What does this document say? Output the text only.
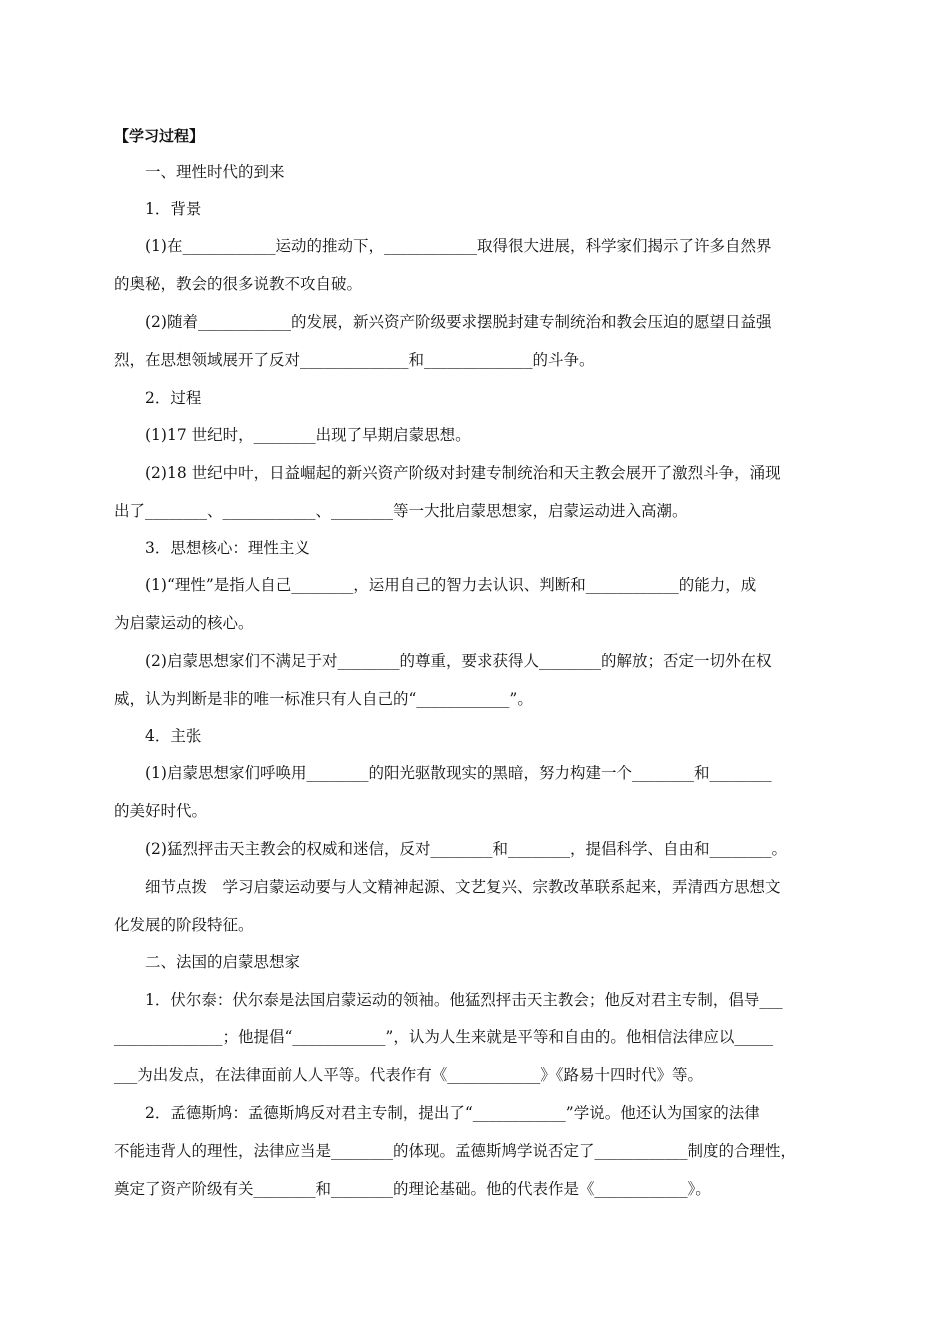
【学习过程】
一、理性时代的到来
1．背景
(1)在____________运动的推动下，____________取得很大进展，科学家们揭示了许多自然界
的奥秘，教会的很多说教不攻自破。
(2)随着____________的发展，新兴资产阶级要求摆脱封建专制统治和教会压迫的愿望日益强
烈，在思想领域展开了反对______________和______________的斗争。
2．过程
(1)17 世纪时，________出现了早期启蒙思想。
(2)18 世纪中叶，日益崛起的新兴资产阶级对封建专制统治和天主教会展开了激烈斗争，涌现
出了________、____________、________等一大批启蒙思想家，启蒙运动进入高潮。
3．思想核心：理性主义
(1)“理性”是指人自己________，运用自己的智力去认识、判断和____________的能力，成
为启蒙运动的核心。
(2)启蒙思想家们不满足于对________的尊重，要求获得人________的解放；否定一切外在权
威，认为判断是非的唯一标准只有人自己的“____________”。
4．主张
(1)启蒙思想家们呼唤用________的阳光驱散现实的黑暗，努力构建一个________和________
的美好时代。
(2)猛烈抨击天主教会的权威和迷信，反对________和________，提倡科学、自由和________。
细节点拨　学习启蒙运动要与人文精神起源、文艺复兴、宗教改革联系起来，弄清西方思想文
化发展的阶段特征。
二、法国的启蒙思想家
1．伏尔泰：伏尔泰是法国启蒙运动的领袖。他猛烈抨击天主教会；他反对君主专制，倡导___
______________；他提倡“____________”，认为人生来就是平等和自由的。他相信法律应以_____
___为出发点，在法律面前人人平等。代表作有《____________》《路易十四时代》等。
2．孟德斯鸠：孟德斯鸠反对君主专制，提出了“____________”学说。他还认为国家的法律
不能违背人的理性，法律应当是________的体现。孟德斯鸠学说否定了____________制度的合理性，
奠定了资产阶级有关________和________的理论基础。他的代表作是《____________》。
